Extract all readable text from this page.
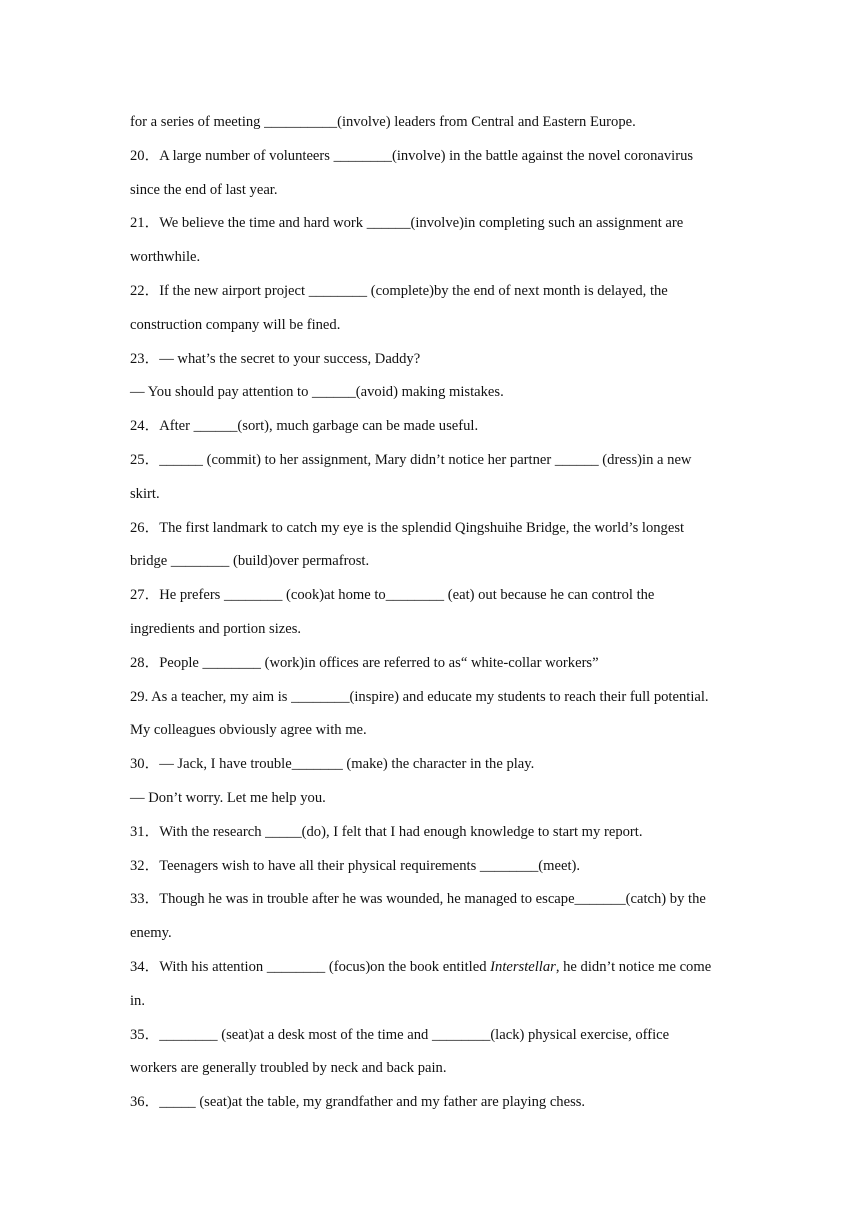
for a series of meeting __________(involve) leaders from Central and Eastern Europe.
20．A large number of volunteers ________(involve) in the battle against the novel coronavirus
since the end of last year.
21．We believe the time and hard work ______(involve)in completing such an assignment are
worthwhile.
22．If the new airport project ________ (complete)by the end of next month is delayed, the
construction company will be fined.
23．— what’s the secret to your success, Daddy?
— You should pay attention to ______(avoid) making mistakes.
24．After ______(sort), much garbage can be made useful.
25．______ (commit) to her assignment, Mary didn’t notice her partner ______ (dress)in a new
skirt.
26．The first landmark to catch my eye is the splendid Qingshuihe Bridge, the world’s longest
bridge ________ (build)over permafrost.
27．He prefers ________ (cook)at home to________ (eat) out because he can control the
ingredients and portion sizes.
28．People ________ (work)in offices are referred to as“ white-collar workers”
29. As a teacher, my aim is ________(inspire) and educate my students to reach their full potential.
My colleagues obviously agree with me.
30．— Jack, I have trouble_______ (make) the character in the play.
— Don’t worry. Let me help you.
31．With the research _____(do), I felt that I had enough knowledge to start my report.
32．Teenagers wish to have all their physical requirements ________(meet).
33．Though he was in trouble after he was wounded, he managed to escape_______(catch) by the
enemy.
34．With his attention ________ (focus)on the book entitled Interstellar, he didn’t notice me come
in.
35．________ (seat)at a desk most of the time and ________(lack) physical exercise, office
workers are generally troubled by neck and back pain.
36．_____ (seat)at the table, my grandfather and my father are playing chess.
